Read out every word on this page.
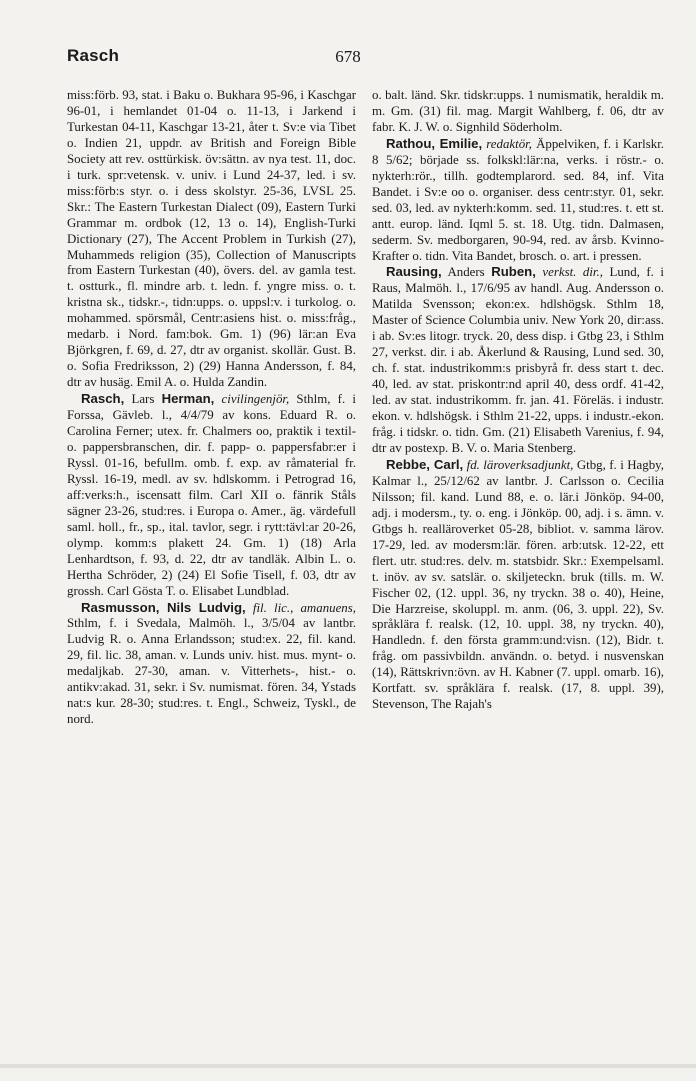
Rasch	678

miss:förb. 93, stat. i Baku o. Bukhara 95-96, i Kaschgar 96-01, i hemlandet 01-04 o. 11-13, i Jarkend i Turkestan 04-11, Kaschgar 13-21, åter t. Sv:e via Tibet o. Indien 21, uppdr. av British and Foreign Bible Society att rev. osttürkisk. öv:sättn. av nya test. 11, doc. i turk. spr:vetensk. v. univ. i Lund 24-37, led. i sv. miss:förb:s styr. o. i dess skolstyr. 25-36, LVSL 25. Skr.: The Eastern Turkestan Dialect (09), Eastern Turki Grammar m. ordbok (12, 13 o. 14), English-Turki Dictionary (27), The Accent Problem in Turkish (27), Muhammeds religion (35), Collection of Manuscripts from Eastern Turkestan (40), övers. del. av gamla test. t. ostturk., fl. mindre arb. t. ledn. f. yngre miss. o. t. kristna sk., tidskr.-, tidn:upps. o. uppsl:v. i turkolog. o. mohammed. spörsmål, Centr:asiens hist. o. miss:fråg., medarb. i Nord. fam:bok. Gm. 1) (96) lär:an Eva Björkgren, f. 69, d. 27, dtr av organist. skollär. Gust. B. o. Sofia Fredriksson, 2) (29) Hanna Andersson, f. 84, dtr av husäg. Emil A. o. Hulda Zandin.

Rasch, Lars Herman, civilingenjör, Sthlm, f. i Forssa, Gävleb. l., 4/4/79 av kons. Eduard R. o. Carolina Ferner; utex. fr. Chalmers oo, praktik i textil- o. pappersbranschen, dir. f. papp- o. pappersfabr:er i Ryssl. 01-16, befullm. omb. f. exp. av råmaterial fr. Ryssl. 16-19, medl. av sv. hdlskomm. i Petrograd 16, aff:verks:h., iscensatt film. Carl XII o. fänrik Ståls sägner 23-26, stud:res. i Europa o. Amer., äg. värdefull saml. holl., fr., sp., ital. tavlor, segr. i rytt:tävl:ar 20-26, olymp. komm:s plakett 24. Gm. 1) (18) Arla Lenhardtson, f. 93, d. 22, dtr av tandläk. Albin L. o. Hertha Schröder, 2) (24) El Sofie Tisell, f. 03, dtr av grossh. Carl Gösta T. o. Elisabet Lundblad.

Rasmusson, Nils Ludvig, fil. lic., amanuens, Sthlm, f. i Svedala, Malmöh. l., 3/5/04 av lantbr. Ludvig R. o. Anna Erlandsson; stud:ex. 22, fil. kand. 29, fil. lic. 38, aman. v. Lunds univ. hist. mus. mynt- o. medaljkab. 27-30, aman. v. Vitterhets-, hist.- o. antikv:akad. 31, sekr. i Sv. numismat. fören. 34, Ystads nat:s kur. 28-30; stud:res. t. Engl., Schweiz, Tyskl., de nord.

o. balt. länd. Skr. tidskr:upps. 1 numismatik, heraldik m. m. Gm. (31) fil. mag. Margit Wahlberg, f. 06, dtr av fabr. K. J. W. o. Signhild Söderholm.

Rathou, Emilie, redaktör, Äppelviken, f. i Karlskr. 8 5/62; började ss. folkskl:lär:na, verks. i röstr.- o. nykterh:rör., tillh. godtemplarord. sed. 84, inf. Vita Bandet. i Sv:e oo o. organiser. dess centr:styr. 01, sekr. sed. 03, led. av nykterh:komm. sed. 11, stud:res. t. ett st. antt. europ. länd. Iqml 5. st. 18. Utg. tidn. Dalmasen, sederm. Sv. medborgaren, 90-94, red. av årsb. Kvinno-Krafter o. tidn. Vita Bandet, brosch. o. art. i pressen.

Rausing, Anders Ruben, verkst. dir., Lund, f. i Raus, Malmöh. l., 17/6/95 av handl. Aug. Andersson o. Matilda Svensson; ekon:ex. hdlshögsk. Sthlm 18, Master of Science Columbia univ. New York 20, dir:ass. i ab. Sv:es litogr. tryck. 20, dess disp. i Gtbg 23, i Sthlm 27, verkst. dir. i ab. Åkerlund & Rausing, Lund sed. 30, ch. f. stat. industrikomm:s prisbyrå fr. dess start t. dec. 40, led. av stat. priskontr:nd april 40, dess ordf. 41-42, led. av stat. industrikomm. fr. jan. 41. Föreläs. i industr. ekon. v. hdlshögsk. i Sthlm 21-22, upps. i industr.-ekon. fråg. i tidskr. o. tidn. Gm. (21) Elisabeth Varenius, f. 94, dtr av postexp. B. V. o. Maria Stenberg.

Rebbe, Carl, fd. läroverksadjunkt, Gtbg, f. i Hagby, Kalmar l., 25/12/62 av lantbr. J. Carlsson o. Cecilia Nilsson; fil. kand. Lund 88, e. o. lär.i Jönköp. 94-00, adj. i modersm., ty. o. eng. i Jönköp. 00, adj. i s. ämn. v. Gtbgs h. realläroverket 05-28, bibliot. v. samma lärov. 17-29, led. av modersm:lär. fören. arb:utsk. 12-22, ett flert. utr. stud:res. delv. m. statsbidr. Skr.: Exempelsaml. t. inöv. av sv. satslär. o. skiljeteckn. bruk (tills. m. W. Fischer 02, (12. uppl. 36, ny tryckn. 38 o. 40), Heine, Die Harzreise, skoluppl. m. anm. (06, 3. uppl. 22), Sv. språklära f. realsk. (12, 10. uppl. 38, ny tryckn. 40), Handledn. f. den första gramm:und:visn. (12), Bidr. t. fråg. om passivbildn. användn. o. betyd. i nusvenskan (14), Rättskrivn:övn. av H. Kabner (7. uppl. omarb. 16), Kortfatt. sv. språklära f. realsk. (17, 8. uppl. 39), Stevenson, The Rajah's
